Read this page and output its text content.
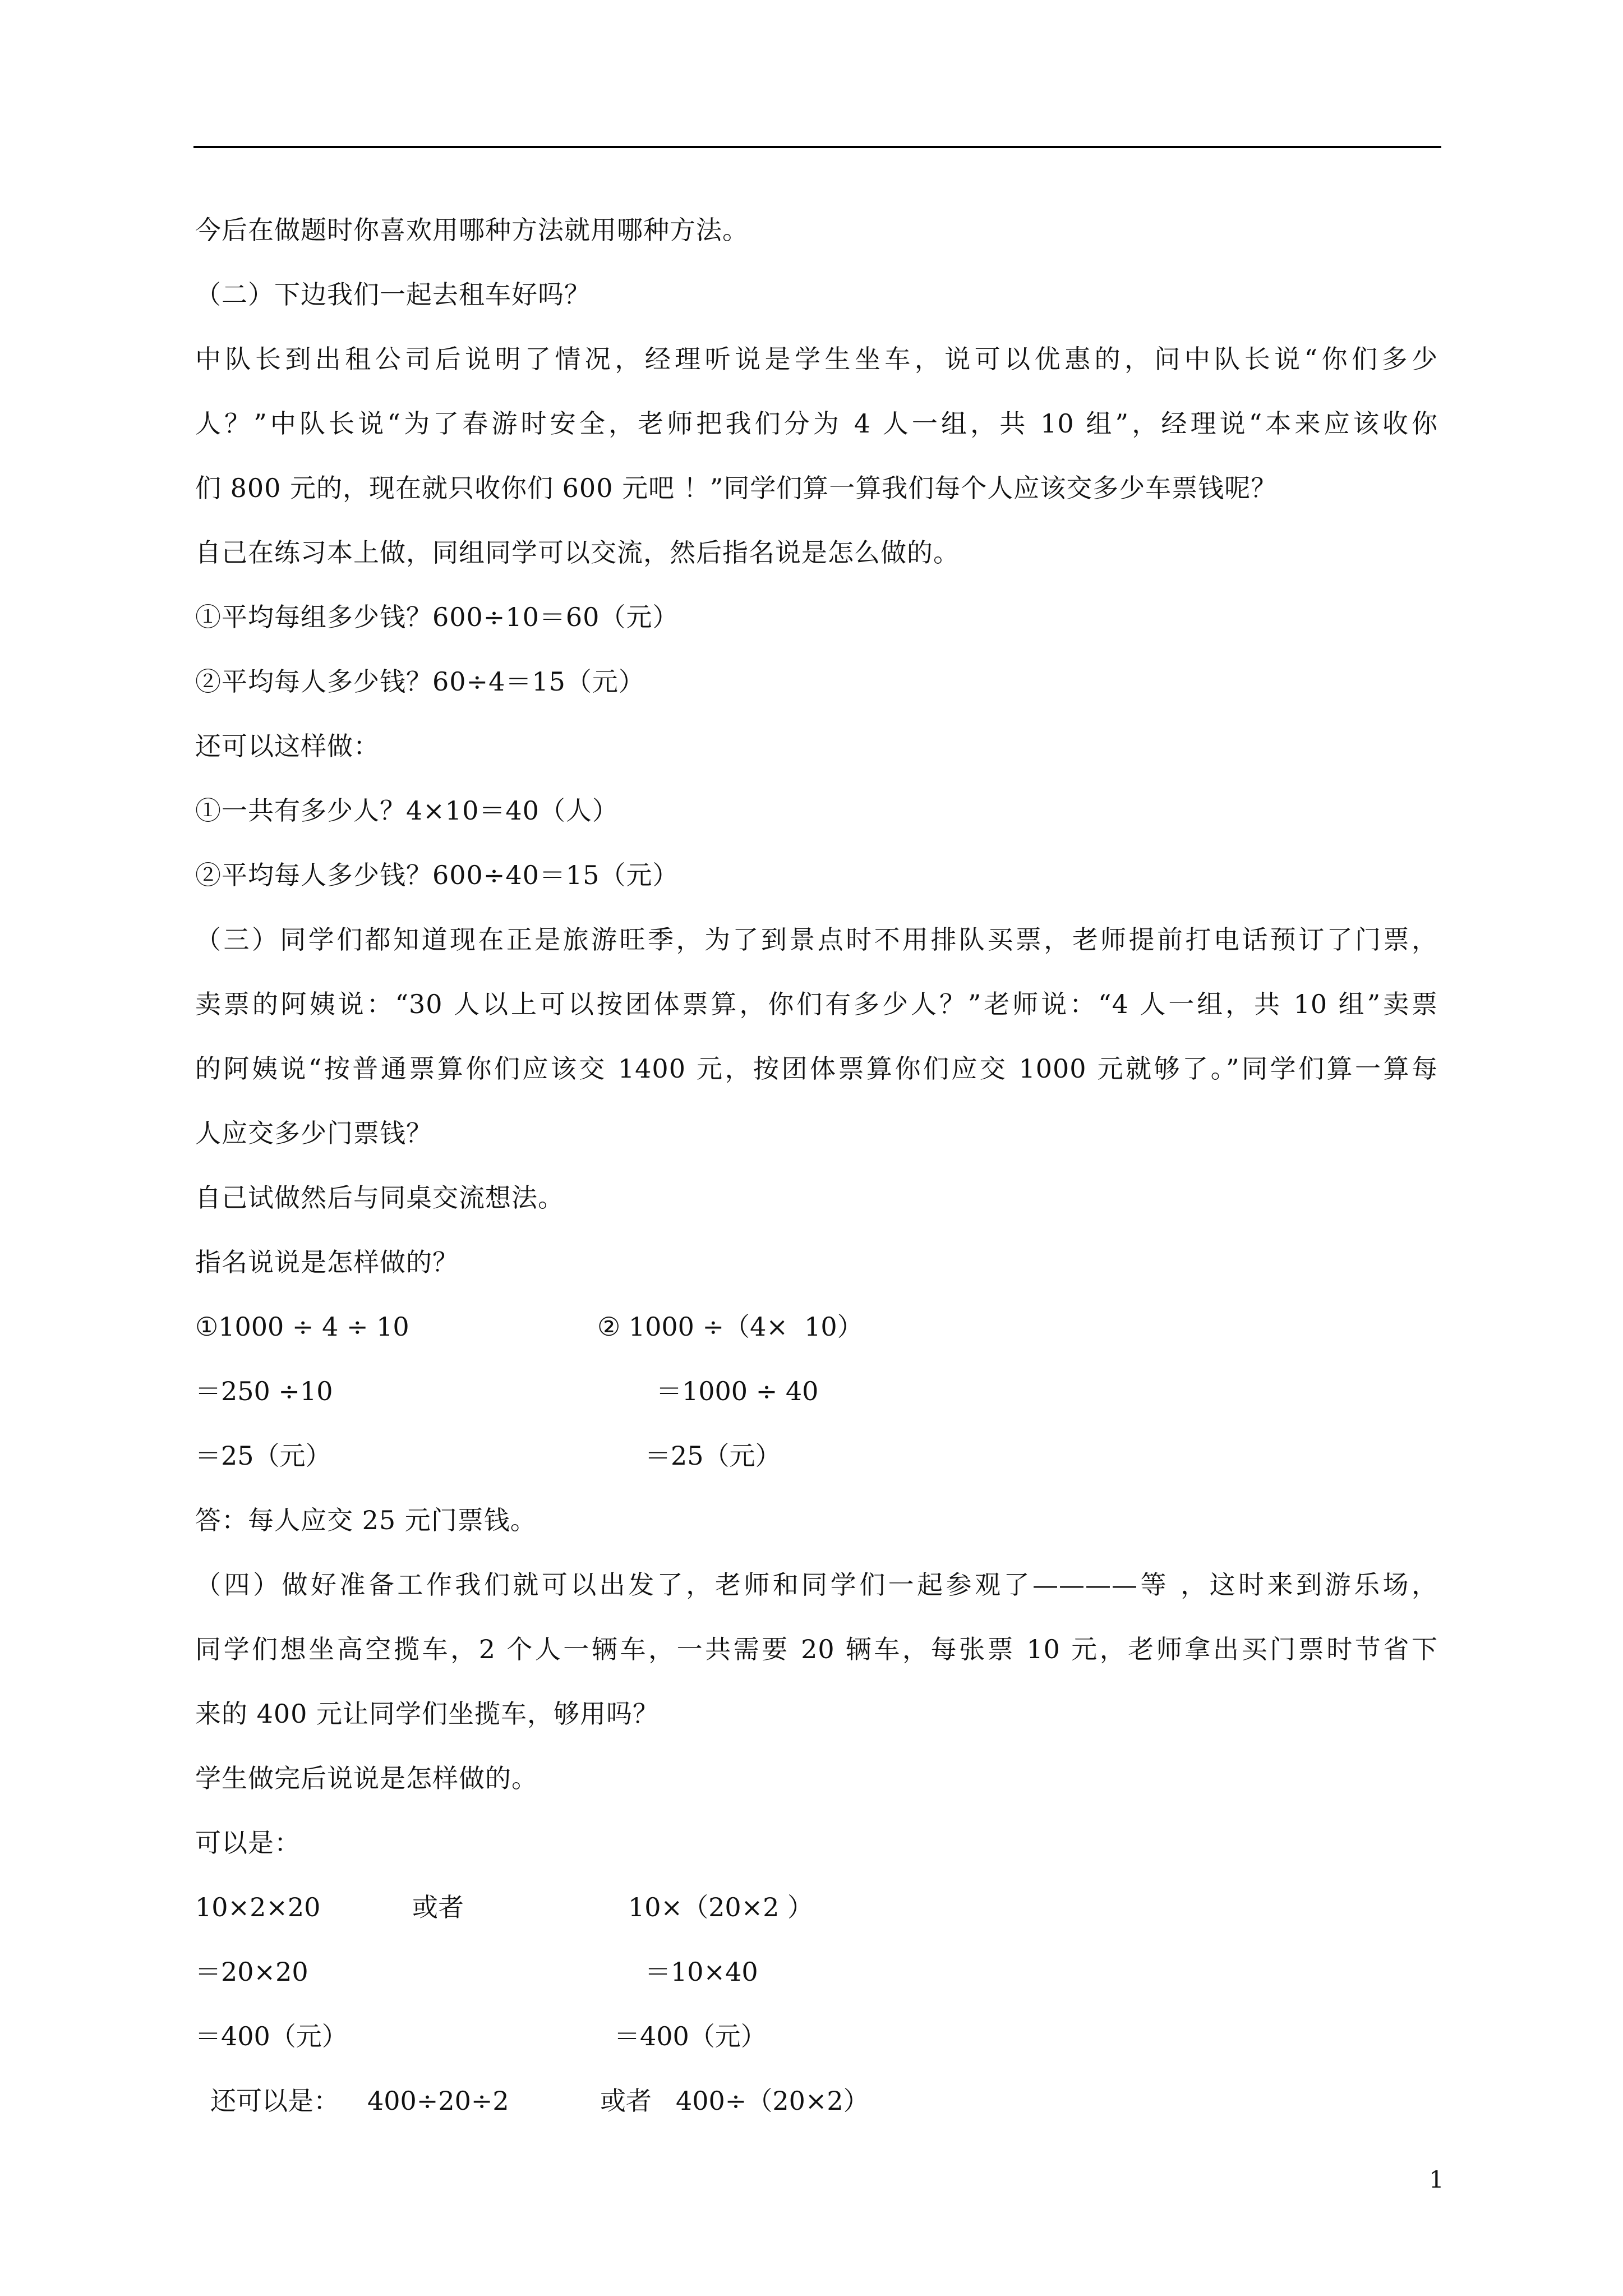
今后在做题时你喜欢用哪种方法就用哪种方法。
（二）下边我们一起去租车好吗？
中队长到出租公司后说明了情况，经理听说是学生坐车，说可以优惠的，问中队长说“你们多少
人？”中队长说“为了春游时安全，老师把我们分为 4 人一组，共 10 组”，经理说“本来应该收你
们 800 元的，现在就只收你们 600 元吧 ！”同学们算一算我们每个人应该交多少车票钱呢？
自己在练习本上做，同组同学可以交流，然后指名说是怎么做的。
①平均每组多少钱？600÷10＝60（元）
②平均每人多少钱？60÷4＝15（元）
还可以这样做：
①一共有多少人？4×10＝40（人）
②平均每人多少钱？600÷40＝15（元）
（三）同学们都知道现在正是旅游旺季，为了到景点时不用排队买票，老师提前打电话预订了门票，
卖票的阿姨说：“30 人以上可以按团体票算，你们有多少人？”老师说：“4 人一组，共 10 组”卖票
的阿姨说“按普通票算你们应该交 1400 元，按团体票算你们应交 1000 元就够了。”同学们算一算每
人应交多少门票钱？
自己试做然后与同桌交流想法。
指名说说是怎样做的？
①1000 ÷ 4 ÷ 10	② 1000 ÷（4×  10）
＝250 ÷10	＝1000 ÷ 40
＝25（元）	＝25（元）
答：每人应交 25 元门票钱。
（四）做好准备工作我们就可以出发了，老师和同学们一起参观了————等 ，这时来到游乐场，
同学们想坐高空揽车，2 个人一辆车，一共需要 20 辆车，每张票 10 元，老师拿出买门票时节省下
来的 400 元让同学们坐揽车，够用吗？
学生做完后说说是怎样做的。
可以是：
10×2×20	或者	10×（20×2 ）
＝20×20	＝10×40
＝400（元）	＝400（元）
还可以是： 400÷20÷2	或者 400÷（20×2）
1
